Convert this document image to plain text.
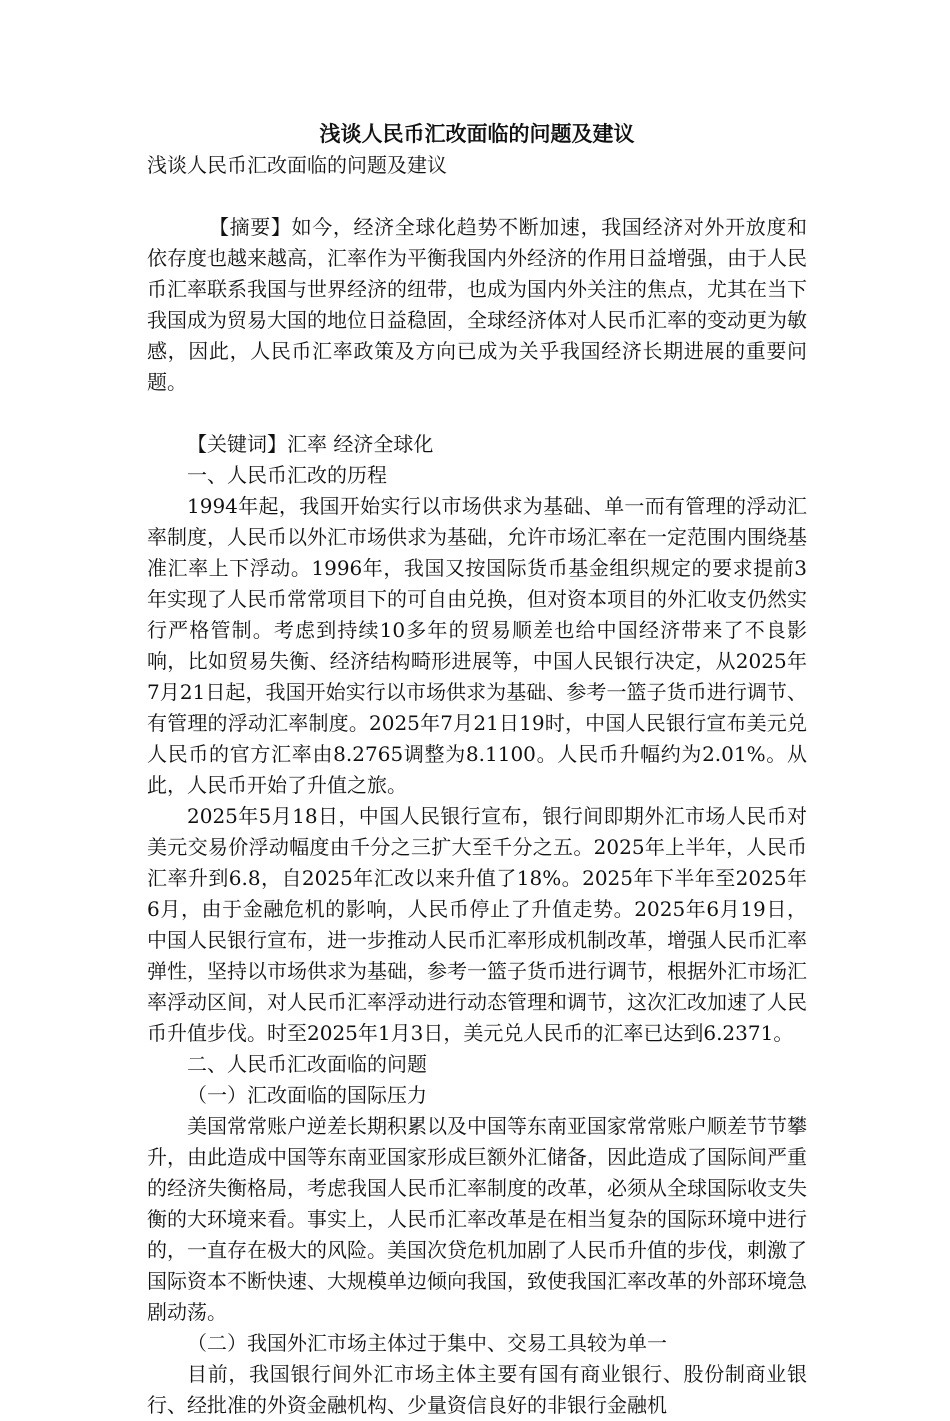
浅谈人民币汇改面临的问题及建议

浅谈人民币汇改面临的问题及建议

【摘要】如今，经济全球化趋势不断加速，我国经济对外开放度和依存度也越来越高，汇率作为平衡我国内外经济的作用日益增强，由于人民币汇率联系我国与世界经济的纽带，也成为国内外关注的焦点，尤其在当下我国成为贸易大国的地位日益稳固，全球经济体对人民币汇率的变动更为敏感，因此，人民币汇率政策及方向已成为关乎我国经济长期进展的重要问题。

【关键词】汇率 经济全球化

一、人民币汇改的历程

1994年起，我国开始实行以市场供求为基础、单一而有管理的浮动汇率制度，人民币以外汇市场供求为基础，允许市场汇率在一定范围内围绕基准汇率上下浮动。1996年，我国又按国际货币基金组织规定的要求提前3年实现了人民币常常项目下的可自由兑换，但对资本项目的外汇收支仍然实行严格管制。考虑到持续10多年的贸易顺差也给中国经济带来了不良影响，比如贸易失衡、经济结构畸形进展等，中国人民银行决定，从2025年7月21日起，我国开始实行以市场供求为基础、参考一篮子货币进行调节、有管理的浮动汇率制度。2025年7月21日19时，中国人民银行宣布美元兑人民币的官方汇率由8.2765调整为8.1100。人民币升幅约为2.01%。从此，人民币开始了升值之旅。

2025年5月18日，中国人民银行宣布，银行间即期外汇市场人民币对美元交易价浮动幅度由千分之三扩大至千分之五。2025年上半年，人民币汇率升到6.8，自2025年汇改以来升值了18%。2025年下半年至2025年6月，由于金融危机的影响，人民币停止了升值走势。2025年6月19日，中国人民银行宣布，进一步推动人民币汇率形成机制改革，增强人民币汇率弹性，坚持以市场供求为基础，参考一篮子货币进行调节，根据外汇市场汇率浮动区间，对人民币汇率浮动进行动态管理和调节，这次汇改加速了人民币升值步伐。时至2025年1月3日，美元兑人民币的汇率已达到6.2371。

二、人民币汇改面临的问题

（一）汇改面临的国际压力

美国常常账户逆差长期积累以及中国等东南亚国家常常账户顺差节节攀升，由此造成中国等东南亚国家形成巨额外汇储备，因此造成了国际间严重的经济失衡格局，考虑我国人民币汇率制度的改革，必须从全球国际收支失衡的大环境来看。事实上，人民币汇率改革是在相当复杂的国际环境中进行的，一直存在极大的风险。美国次贷危机加剧了人民币升值的步伐，刺激了国际资本不断快速、大规模单边倾向我国，致使我国汇率改革的外部环境急剧动荡。

（二）我国外汇市场主体过于集中、交易工具较为单一

目前，我国银行间外汇市场主体主要有国有商业银行、股份制商业银行、经批准的外资金融机构、少量资信良好的非银行金融机
